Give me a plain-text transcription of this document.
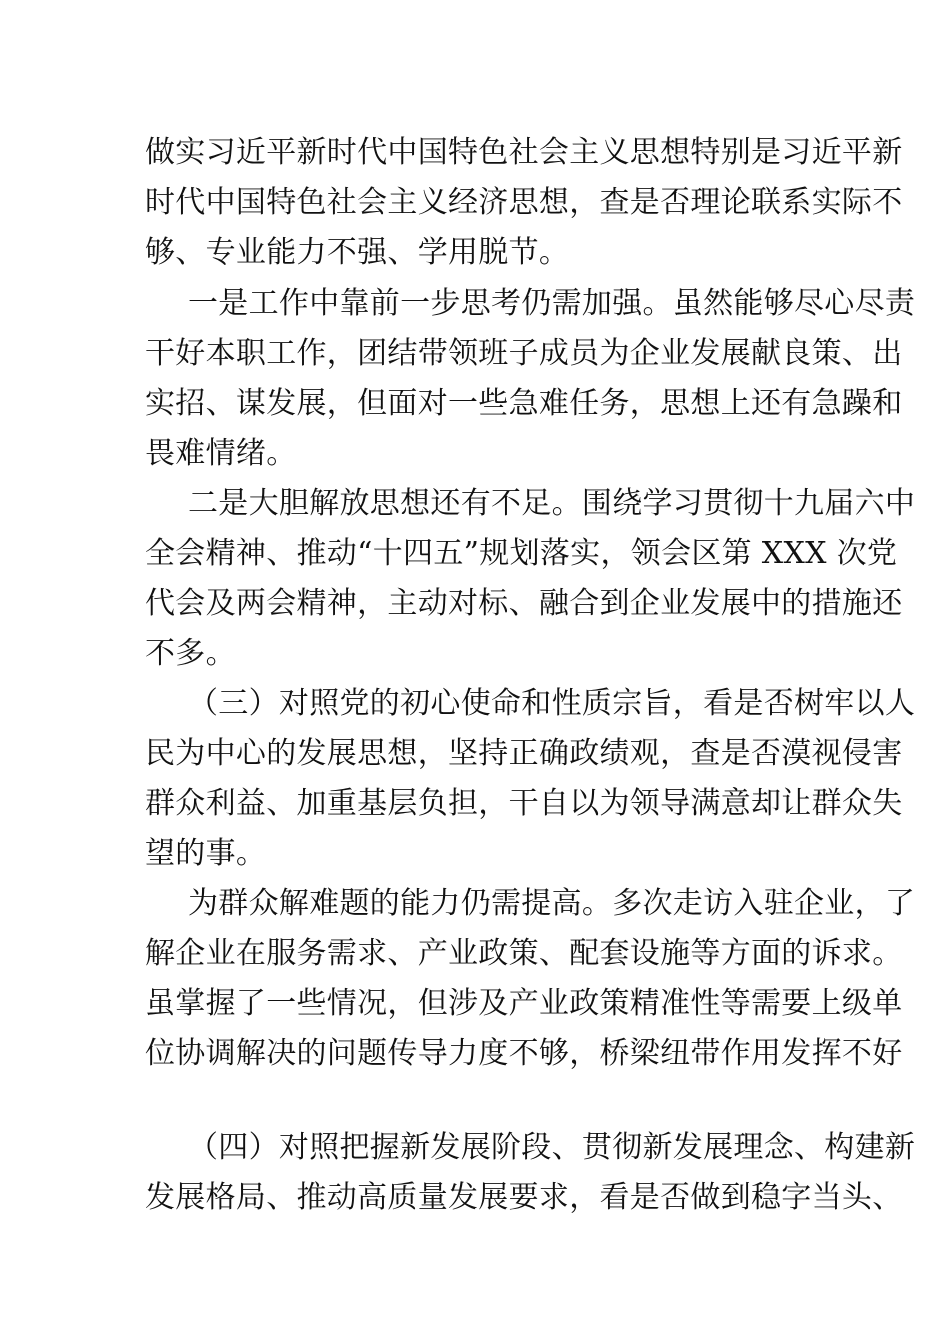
做实习近平新时代中国特色社会主义思想特别是习近平新
时代中国特色社会主义经济思想，查是否理论联系实际不
够、专业能力不强、学用脱节。
一是工作中靠前一步思考仍需加强。虽然能够尽心尽责
干好本职工作，团结带领班子成员为企业发展献良策、出
实招、谋发展，但面对一些急难任务，思想上还有急躁和
畏难情绪。
二是大胆解放思想还有不足。围绕学习贯彻十九届六中
全会精神、推动“十四五”规划落实，领会区第 XXX 次党
代会及两会精神，主动对标、融合到企业发展中的措施还
不多。
（三）对照党的初心使命和性质宗旨，看是否树牢以人
民为中心的发展思想，坚持正确政绩观，查是否漠视侵害
群众利益、加重基层负担，干自以为领导满意却让群众失
望的事。
为群众解难题的能力仍需提高。多次走访入驻企业，了
解企业在服务需求、产业政策、配套设施等方面的诉求。
虽掌握了一些情况，但涉及产业政策精准性等需要上级单
位协调解决的问题传导力度不够，桥梁纽带作用发挥不好
（四）对照把握新发展阶段、贯彻新发展理念、构建新
发展格局、推动高质量发展要求，看是否做到稳字当头、
